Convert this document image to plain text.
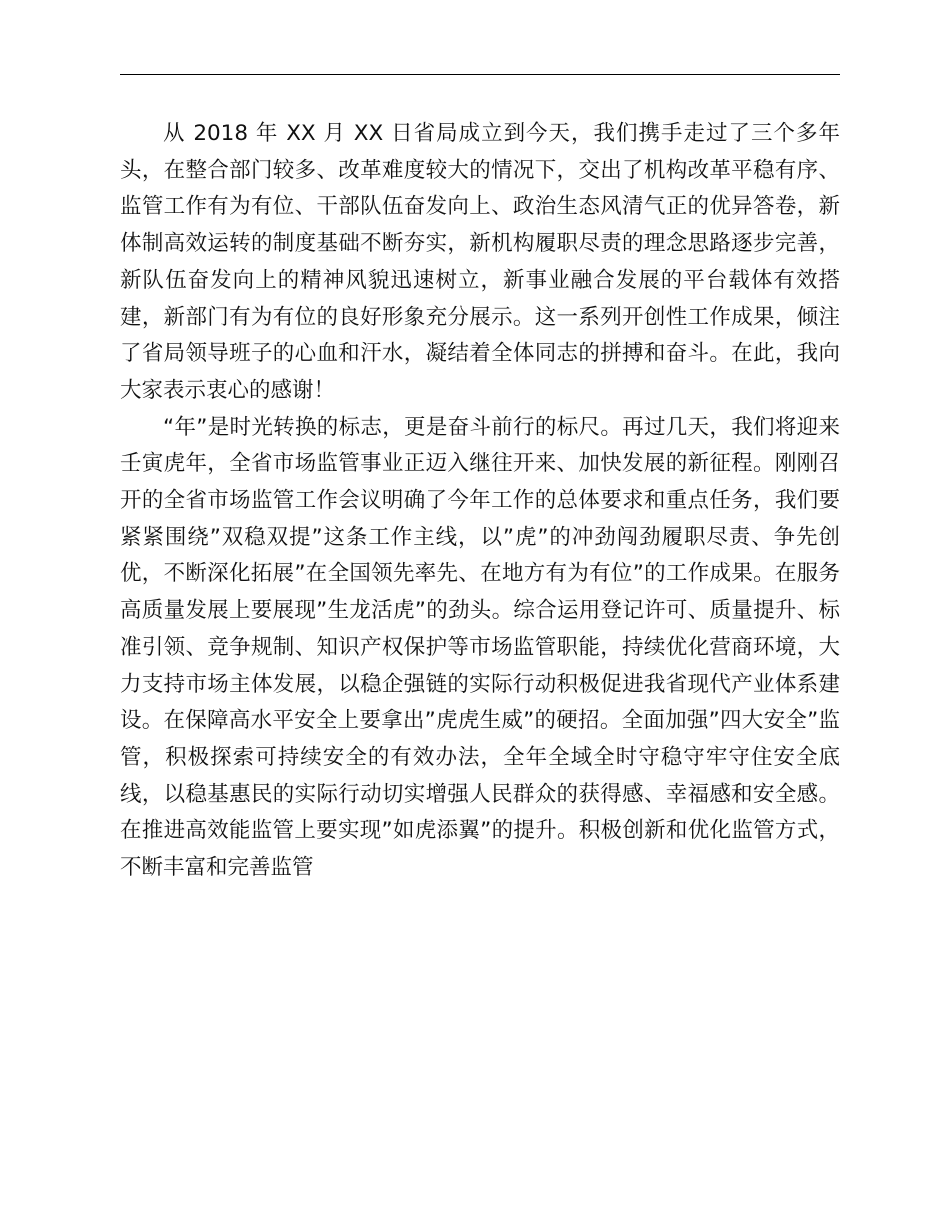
从 2018 年 XX 月 XX 日省局成立到今天，我们携手走过了三个多年头，在整合部门较多、改革难度较大的情况下，交出了机构改革平稳有序、监管工作有为有位、干部队伍奋发向上、政治生态风清气正的优异答卷，新体制高效运转的制度基础不断夯实，新机构履职尽责的理念思路逐步完善，新队伍奋发向上的精神风貌迅速树立，新事业融合发展的平台载体有效搭建，新部门有为有位的良好形象充分展示。这一系列开创性工作成果，倾注了省局领导班子的心血和汗水，凝结着全体同志的拼搏和奋斗。在此，我向大家表示衷心的感谢！

“年”是时光转换的标志，更是奋斗前行的标尺。再过几天，我们将迎来壬寅虎年，全省市场监管事业正迈入继往开来、加快发展的新征程。刚刚召开的全省市场监管工作会议明确了今年工作的总体要求和重点任务，我们要紧紧围绕”双稳双提”这条工作主线，以”虎”的冲劲闯劲履职尽责、争先创优，不断深化拓展”在全国领先率先、在地方有为有位”的工作成果。在服务高质量发展上要展现”生龙活虎”的劲头。综合运用登记许可、质量提升、标准引领、竞争规制、知识产权保护等市场监管职能，持续优化营商环境，大力支持市场主体发展，以稳企强链的实际行动积极促进我省现代产业体系建设。在保障高水平安全上要拿出”虎虎生威”的硬招。全面加强”四大安全”监管，积极探索可持续安全的有效办法，全年全域全时守稳守牢守住安全底线，以稳基惠民的实际行动切实增强人民群众的获得感、幸福感和安全感。在推进高效能监管上要实现”如虎添翼”的提升。积极创新和优化监管方式，不断丰富和完善监管
